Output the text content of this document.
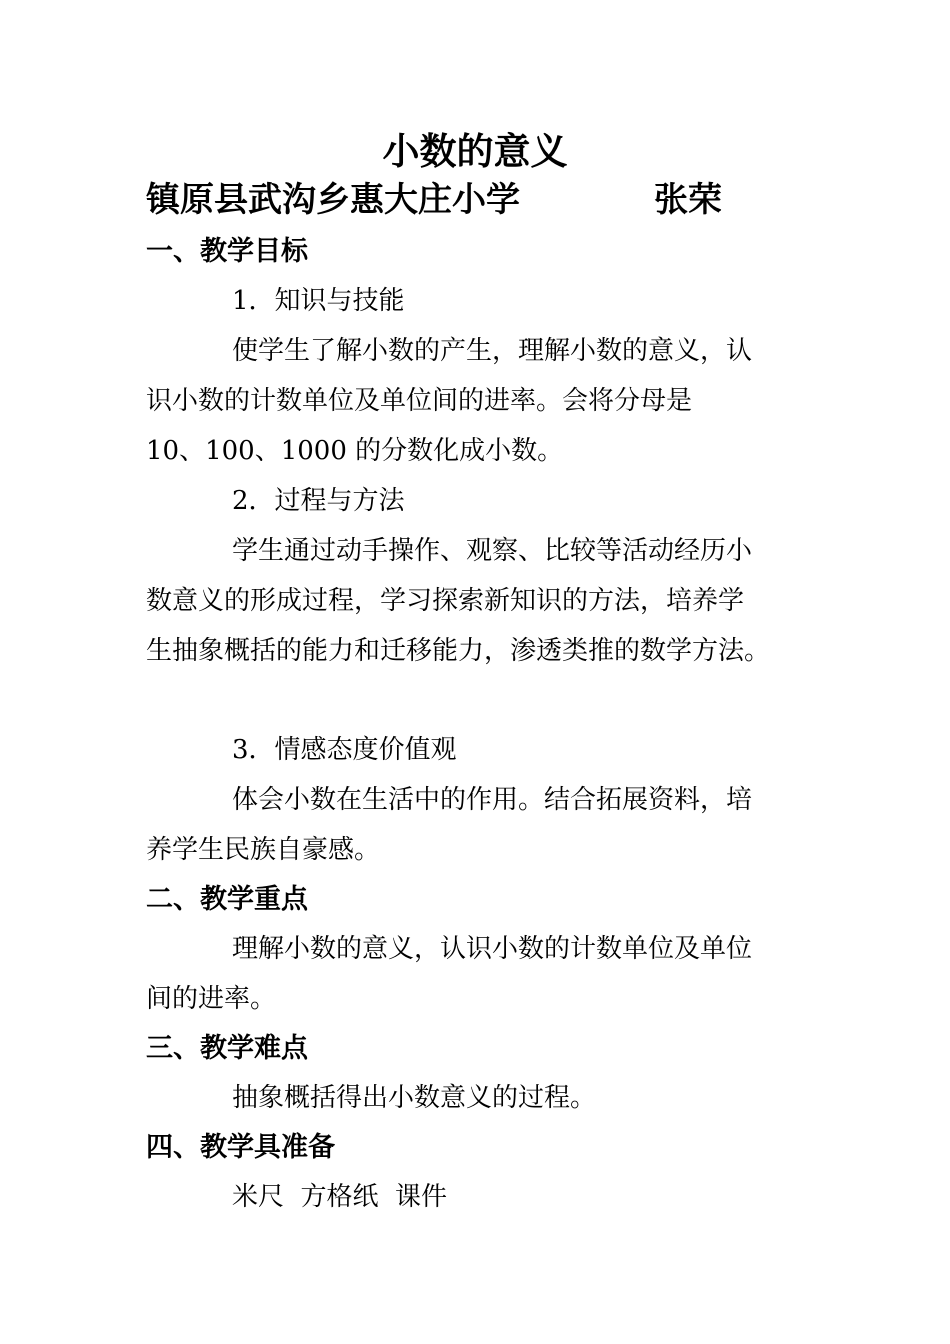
小数的意义
镇原县武沟乡惠大庄小学	张荣
一、教学目标
1．知识与技能
使学生了解小数的产生，理解小数的意义，认
识小数的计数单位及单位间的进率。会将分母是
10、100、1000 的分数化成小数。
2．过程与方法
学生通过动手操作、观察、比较等活动经历小
数意义的形成过程，学习探索新知识的方法，培养学
生抽象概括的能力和迁移能力，渗透类推的数学方法。
3．情感态度价值观
体会小数在生活中的作用。结合拓展资料，培
养学生民族自豪感。
二、教学重点
理解小数的意义，认识小数的计数单位及单位
间的进率。
三、教学难点
抽象概括得出小数意义的过程。
四、教学具准备
米尺  方格纸  课件
